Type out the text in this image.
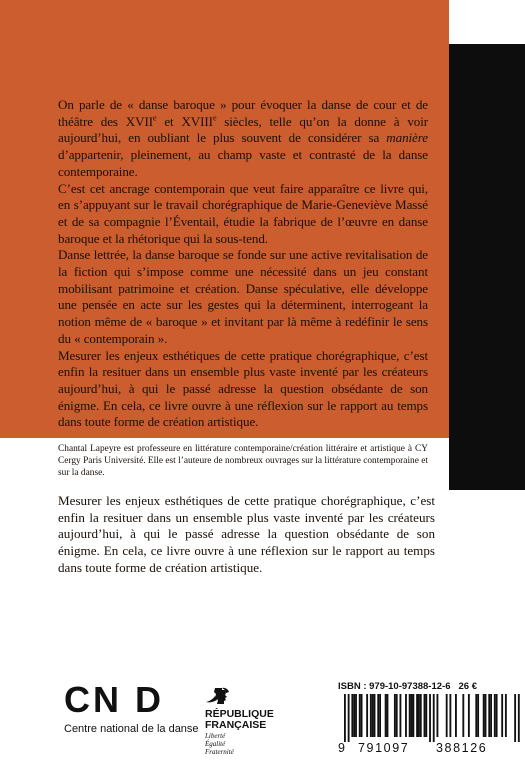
On parle de « danse baroque » pour évoquer la danse de cour et de théâtre des XVIIe et XVIIIe siècles, telle qu’on la donne à voir aujourd’hui, en oubliant le plus souvent de considérer sa manière d’appartenir, pleinement, au champ vaste et contrasté de la danse contemporaine.

C’est cet ancrage contemporain que veut faire apparaître ce livre qui, en s’appuyant sur le travail chorégraphique de Marie-Geneviève Massé et de sa compagnie l’Éventail, étudie la fabrique de l’œuvre en danse baroque et la rhétorique qui la sous-tend.

Danse lettrée, la danse baroque se fonde sur une active revitalisation de la fiction qui s’impose comme une nécessité dans un jeu constant mobilisant patrimoine et création. Danse spéculative, elle développe une pensée en acte sur les gestes qui la déterminent, interrogeant la notion même de « baroque » et invitant par là même à redéfinir le sens du « contemporain ».

Mesurer les enjeux esthétiques de cette pratique chorégraphique, c’est enfin la resituer dans un ensemble plus vaste inventé par les créateurs aujourd’hui, à qui le passé adresse la question obsédante de son énigme. En cela, ce livre ouvre à une réflexion sur le rapport au temps dans toute forme de création artistique.

Chantal Lapeyre est professeure en littérature contemporaine/création littéraire et artistique à CY Cergy Paris Université. Elle est l’auteure de nombreux ouvrages sur la littérature contemporaine et sur la danse.

Mesurer les enjeux esthétiques de cette pratique chorégraphique, c’est enfin la resituer dans un ensemble plus vaste inventé par les créateurs aujourd’hui, à qui le passé adresse la question obsédante de son énigme. En cela, ce livre ouvre à une réflexion sur le rapport au temps dans toute forme de création artistique.

CN D
Centre national de la danse
RÉPUBLIQUE
FRANÇAISE
Liberté
Égalité
Fraternité
ISBN : 979-10-97388-12-6 26 €
9 791097 388126
